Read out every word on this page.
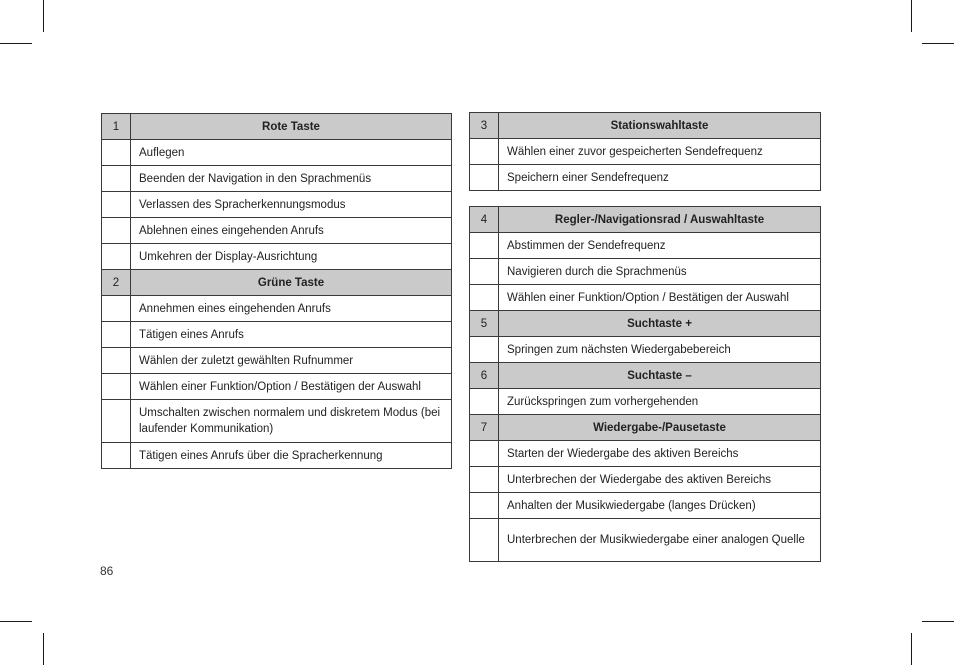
1	Rote Taste
	Auflegen
	Beenden der Navigation in den Sprachmenüs
	Verlassen des Spracherkennungsmodus
	Ablehnen eines eingehenden Anrufs
	Umkehren der Display-Ausrichtung
2	Grüne Taste
	Annehmen eines eingehenden Anrufs
	Tätigen eines Anrufs
	Wählen der zuletzt gewählten Rufnummer
	Wählen einer Funktion/Option / Bestätigen der Auswahl
	Umschalten zwischen normalem und diskretem Modus (bei laufender Kommunikation)
	Tätigen eines Anrufs über die Spracherkennung
3	Stationswahltaste
	Wählen einer zuvor gespeicherten Sendefrequenz
	Speichern einer Sendefrequenz
4	Regler-/Navigationsrad / Auswahltaste
	Abstimmen der Sendefrequenz
	Navigieren durch die Sprachmenüs
	Wählen einer Funktion/Option / Bestätigen der Auswahl
5	Suchtaste +
	Springen zum nächsten Wiedergabebereich
6	Suchtaste –
	Zurückspringen zum vorhergehenden
7	Wiedergabe-/Pausetaste
	Starten der Wiedergabe des aktiven Bereichs
	Unterbrechen der Wiedergabe des aktiven Bereichs
	Anhalten der Musikwiedergabe (langes Drücken)
	Unterbrechen der Musikwiedergabe einer analogen Quelle
86
